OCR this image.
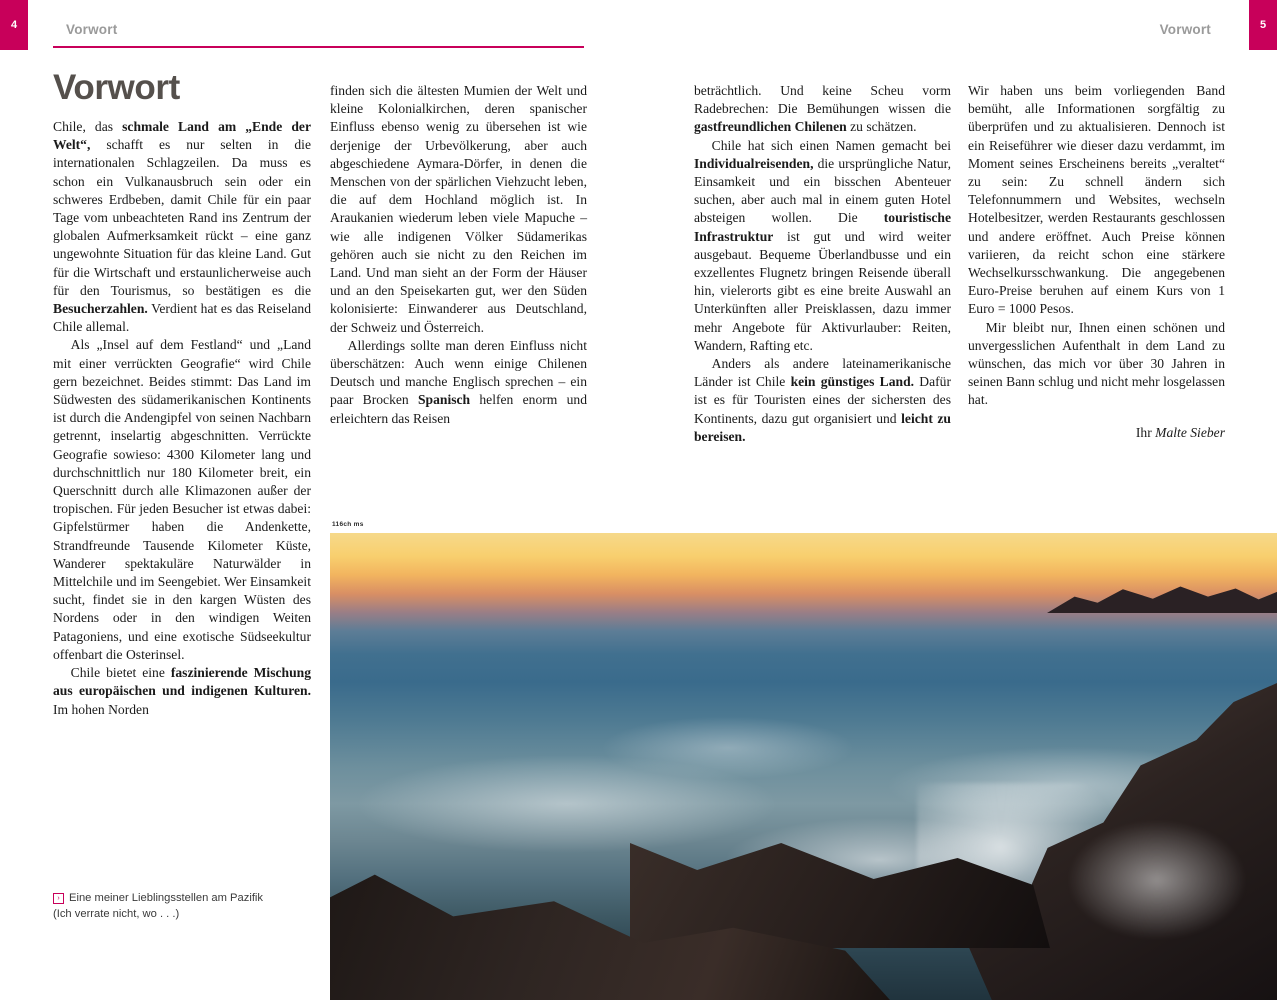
4	Vorwort
Vorwort

Chile, das schmale Land am „Ende der Welt“, schafft es nur selten in die internationalen Schlagzeilen. Da muss es schon ein Vulkanausbruch sein oder ein schweres Erdbeben, damit Chile für ein paar Tage vom unbeachteten Rand ins Zentrum der globalen Aufmerksamkeit rückt – eine ganz ungewohnte Situation für das kleine Land. Gut für die Wirtschaft und erstaunlicherweise auch für den Tourismus, so bestätigen es die Besucherzahlen. Verdient hat es das Reiseland Chile allemal.

Als „Insel auf dem Festland“ und „Land mit einer verrückten Geografie“ wird Chile gern bezeichnet. Beides stimmt: Das Land im Südwesten des südamerikanischen Kontinents ist durch die Andengipfel von seinen Nachbarn getrennt, inselartig abgeschnitten. Verrückte Geografie sowieso: 4300 Kilometer lang und durchschnittlich nur 180 Kilometer breit, ein Querschnitt durch alle Klimazonen außer der tropischen. Für jeden Besucher ist etwas dabei: Gipfelstürmer haben die Andenkette, Strandfreunde Tausende Kilometer Küste, Wanderer spektakuläre Naturwälder in Mittelchile und im Seengebiet. Wer Einsamkeit sucht, findet sie in den kargen Wüsten des Nordens oder in den windigen Weiten Patagoniens, und eine exotische Südseekultur offenbart die Osterinsel.

Chile bietet eine faszinierende Mischung aus europäischen und indigenen Kulturen. Im hohen Norden

finden sich die ältesten Mumien der Welt und kleine Kolonialkirchen, deren spanischer Einfluss ebenso wenig zu übersehen ist wie derjenige der Urbevölkerung, aber auch abgeschiedene Aymara-Dörfer, in denen die Menschen von der spärlichen Viehzucht leben, die auf dem Hochland möglich ist. In Araukanien wiederum leben viele Mapuche – wie alle indigenen Völker Südamerikas gehören auch sie nicht zu den Reichen im Land. Und man sieht an der Form der Häuser und an den Speisekarten gut, wer den Süden kolonisierte: Einwanderer aus Deutschland, der Schweiz und Österreich.

Allerdings sollte man deren Einfluss nicht überschätzen: Auch wenn einige Chilenen Deutsch und manche Englisch sprechen – ein paar Brocken Spanisch helfen enorm und erleichtern das Reisen

› Eine meiner Lieblingsstellen am Pazifik
(Ich verrate nicht, wo . . .)
5
Vorwort

beträchtlich. Und keine Scheu vorm Radebrechen: Die Bemühungen wissen die gastfreundlichen Chilenen zu schätzen.

Chile hat sich einen Namen gemacht bei Individualreisenden, die ursprüngliche Natur, Einsamkeit und ein bisschen Abenteuer suchen, aber auch mal in einem guten Hotel absteigen wollen. Die touristische Infrastruktur ist gut und wird weiter ausgebaut. Bequeme Überlandbusse und ein exzellentes Flugnetz bringen Reisende überall hin, vielerorts gibt es eine breite Auswahl an Unterkünften aller Preisklassen, dazu immer mehr Angebote für Aktivurlauber: Reiten, Wandern, Rafting etc.

Anders als andere lateinamerikanische Länder ist Chile kein günstiges Land. Dafür ist es für Touristen eines der sichersten des Kontinents, dazu gut organisiert und leicht zu bereisen.

Wir haben uns beim vorliegenden Band bemüht, alle Informationen sorgfältig zu überprüfen und zu aktualisieren. Dennoch ist ein Reiseführer wie dieser dazu verdammt, im Moment seines Erscheinens bereits „veraltet“ zu sein: Zu schnell ändern sich Telefonnummern und Websites, wechseln Hotelbesitzer, werden Restaurants geschlossen und andere eröffnet. Auch Preise können variieren, da reicht schon eine stärkere Wechselkursschwankung. Die angegebenen Euro-Preise beruhen auf einem Kurs von 1 Euro = 1000 Pesos.

Mir bleibt nur, Ihnen einen schönen und unvergesslichen Aufenthalt in dem Land zu wünschen, das mich vor über 30 Jahren in seinen Bann schlug und nicht mehr losgelassen hat.

Ihr Malte Sieber
116ch ms
